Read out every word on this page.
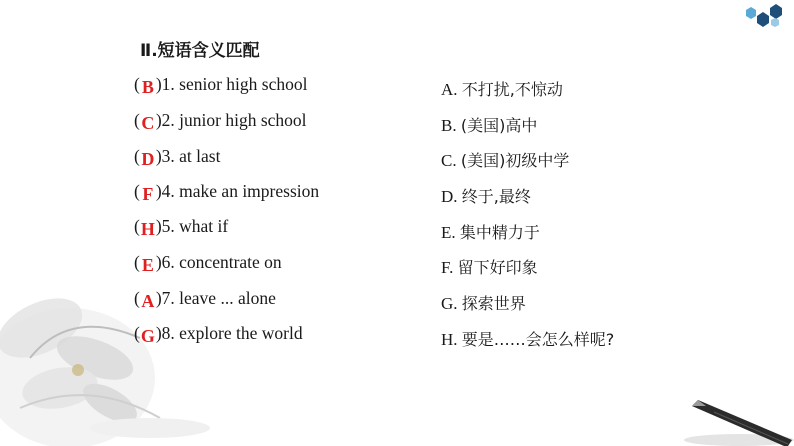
Ⅱ.短语含义匹配
( B )1. senior high school
(C)2. junior high school
(D)3. at last
( F )4. make an impression
(H)5. what if
( E )6. concentrate on
(A)7. leave ... alone
(G)8. explore the world
A. 不打扰,不惊动
B. (美国)高中
C. (美国)初级中学
D. 终于,最终
E. 集中精力于
F. 留下好印象
G. 探索世界
H. 要是……会怎么样呢?
